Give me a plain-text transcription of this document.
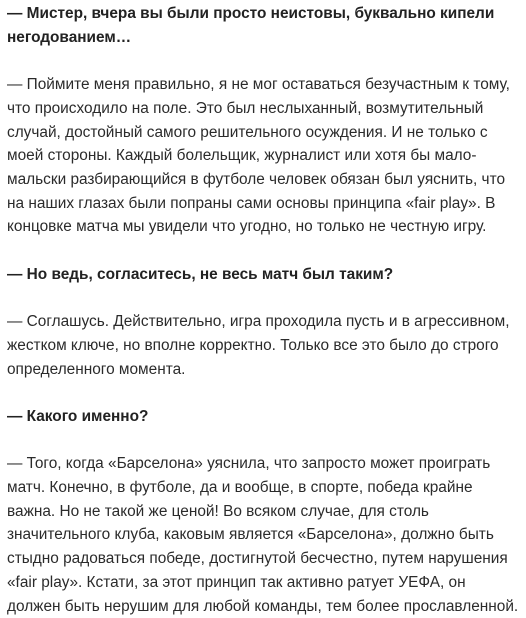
— Мистер, вчера вы были просто неистовы, буквально кипели негодованием…

— Поймите меня правильно, я не мог оставаться безучастным к тому, что происходило на поле. Это был неслыханный, возмутительный случай, достойный самого решительного осуждения. И не только с моей стороны. Каждый болельщик, журналист или хотя бы мало-мальски разбирающийся в футболе человек обязан был уяснить, что на наших глазах были попраны сами основы принципа «fair play». В концовке матча мы увидели что угодно, но только не честную игру.

— Но ведь, согласитесь, не весь матч был таким?

— Соглашусь. Действительно, игра проходила пусть и в агрессивном, жестком ключе, но вполне корректно. Только все это было до строго определенного момента.

— Какого именно?

— Того, когда «Барселона» уяснила, что запросто может проиграть матч. Конечно, в футболе, да и вообще, в спорте, победа крайне важна. Но не такой же ценой! Во всяком случае, для столь значительного клуба, каковым является «Барселона», должно быть стыдно радоваться победе, достигнутой бесчестно, путем нарушения «fair play». Кстати, за этот принцип так активно ратует УЕФА, он должен быть нерушим для любой команды, тем более прославленной.
